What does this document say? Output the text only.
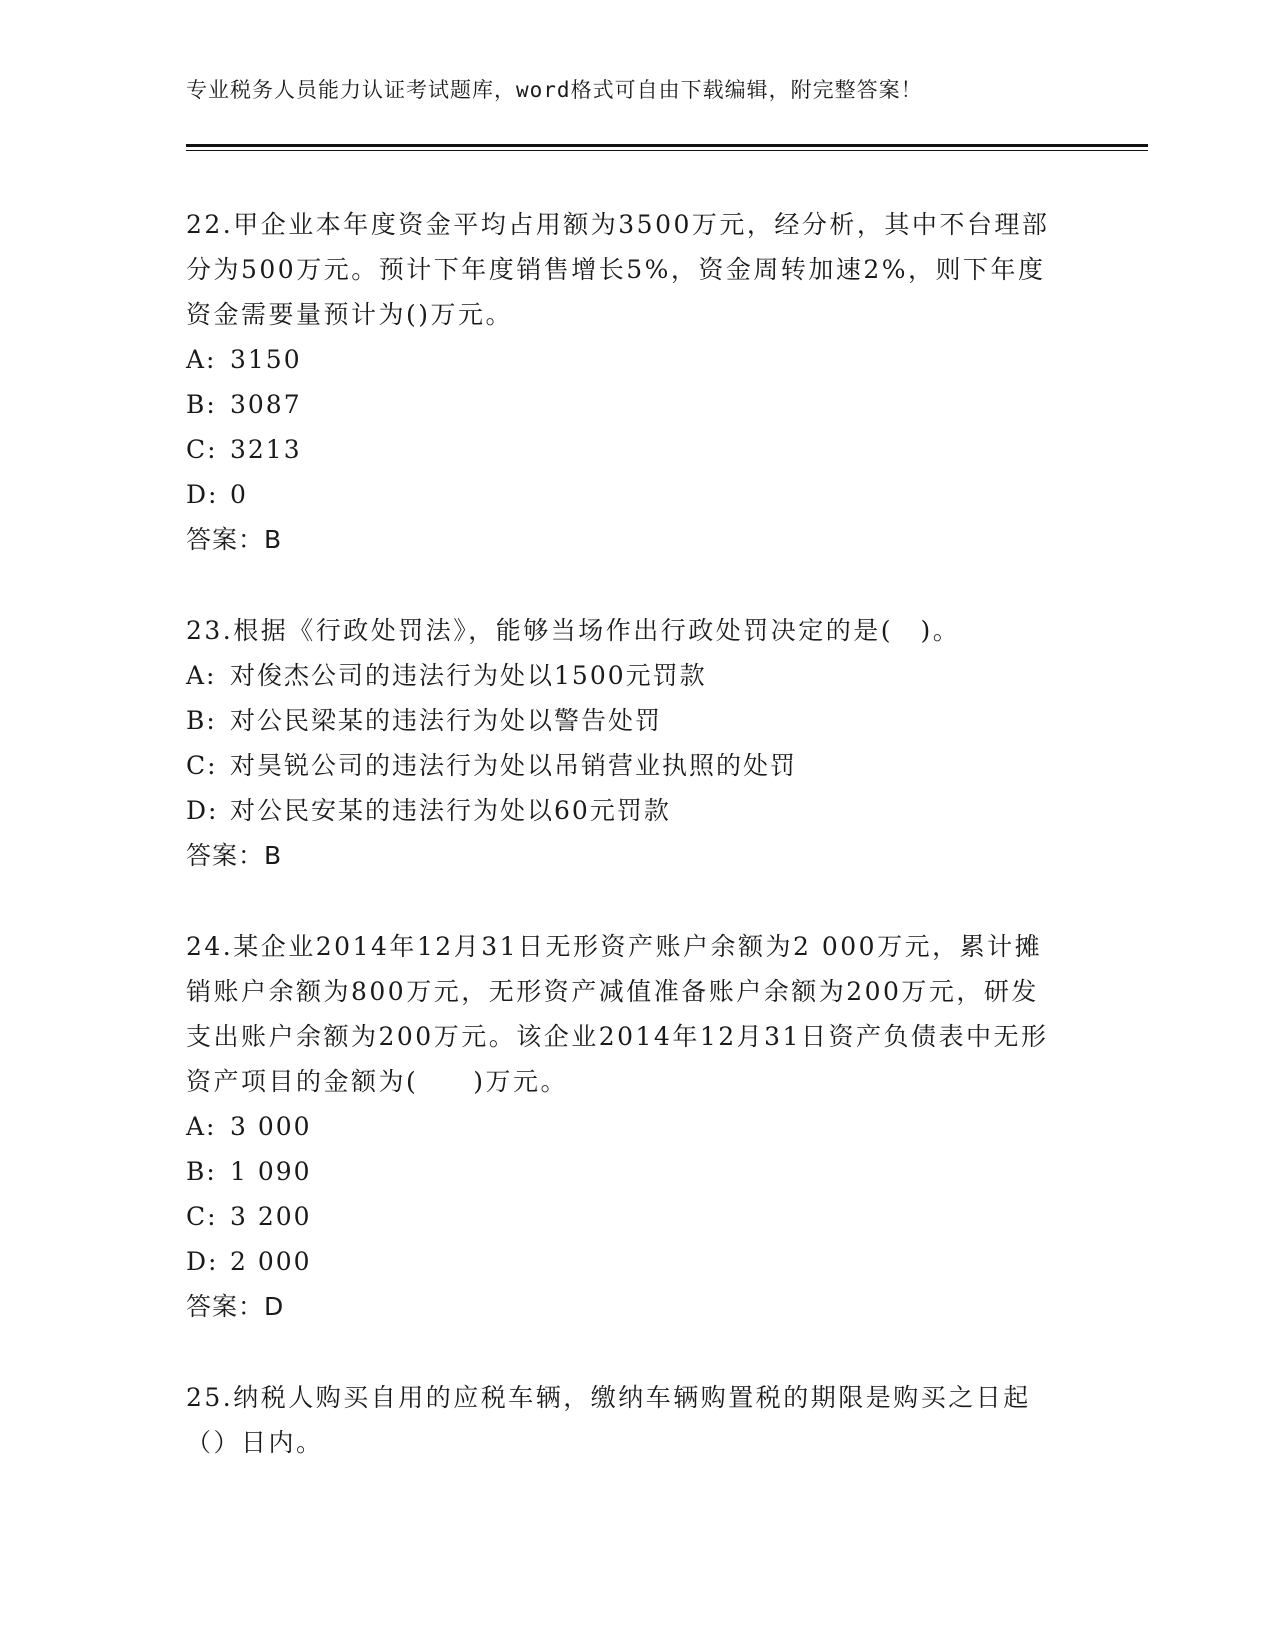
专业税务人员能力认证考试题库，word格式可自由下载编辑，附完整答案！
22.甲企业本年度资金平均占用额为3500万元，经分析，其中不台理部分为500万元。预计下年度销售增长5%，资金周转加速2%，则下年度资金需要量预计为()万元。
A: 3150
B: 3087
C: 3213
D: 0
答案：B
23.根据《行政处罚法》，能够当场作出行政处罚决定的是(　)。
A: 对俊杰公司的违法行为处以1500元罚款
B: 对公民梁某的违法行为处以警告处罚
C: 对昊锐公司的违法行为处以吊销营业执照的处罚
D: 对公民安某的违法行为处以60元罚款
答案：B
24.某企业2014年12月31日无形资产账户余额为2 000万元，累计摊销账户余额为800万元，无形资产减值准备账户余额为200万元，研发支出账户余额为200万元。该企业2014年12月31日资产负债表中无形资产项目的金额为(　　)万元。
A: 3 000
B: 1 090
C: 3 200
D: 2 000
答案：D
25.纳税人购买自用的应税车辆，缴纳车辆购置税的期限是购买之日起（）日内。
